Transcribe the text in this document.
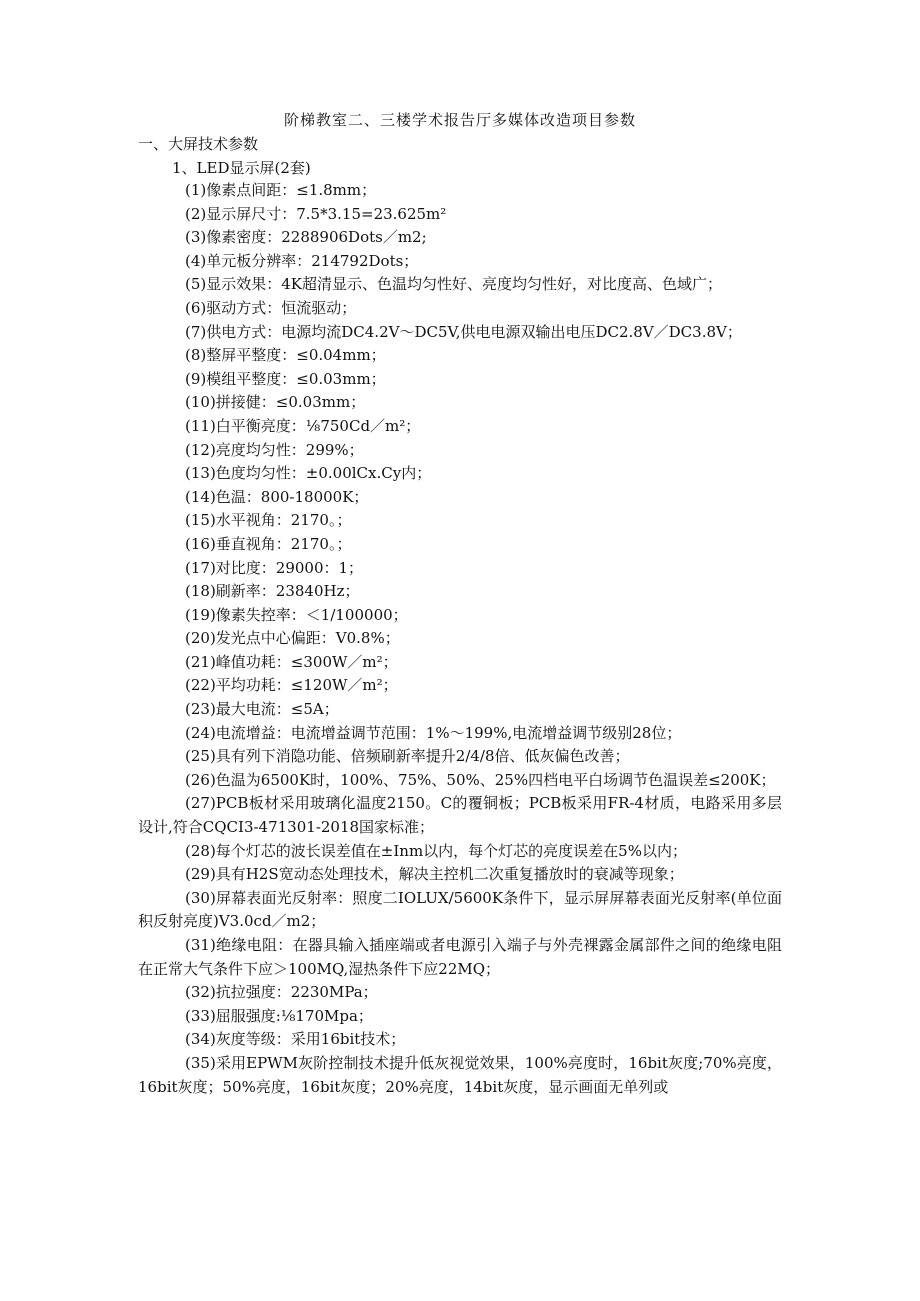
阶梯教室二、三楼学术报告厅多媒体改造项目参数
一、大屏技术参数
1、LED显示屏(2套)

(1)像素点间距：≤1.8mm；

(2)显示屏尺寸：7.5*3.15=23.625m²

(3)像素密度：2288906Dots／m2;

(4)单元板分辨率：214792Dots；

(5)显示效果：4K超清显示、色温均匀性好、亮度均匀性好，对比度高、色域广；

(6)驱动方式：恒流驱动；

(7)供电方式：电源均流DC4.2V～DC5V,供电电源双输出电压DC2.8V／DC3.8V；

(8)整屏平整度：≤0.04mm；

(9)模组平整度：≤0.03mm；

(10)拼接健：≤0.03mm；

(11)白平衡亮度：⅛750Cd／m²；

(12)亮度均匀性：299%；

(13)色度均匀性：±0.00lCx.Cy内；

(14)色温：800-18000K；

(15)水平视角：2170。；

(16)垂直视角：2170。；

(17)对比度：29000：1；

(18)刷新率：23840Hz；

(19)像素失控率：＜1/100000；

(20)发光点中心偏距：V0.8%；

(21)峰值功耗：≤300W／m²；

(22)平均功耗：≤120W／m²；

(23)最大电流：≤5A；

(24)电流增益：电流增益调节范围：1%～199%,电流增益调节级别28位；

(25)具有列下消隐功能、倍频刷新率提升2/4/8倍、低灰偏色改善；

(26)色温为6500K时，100%、75%、50%、25%四档电平白场调节色温误差≤200K；

(27)PCB板材采用玻璃化温度2150。C的覆铜板；PCB板采用FR-4材质，电路采用多层设计,符合CQCI3-471301-2018国家标准；

(28)每个灯芯的波长误差值在±Inm以内，每个灯芯的亮度误差在5%以内；

(29)具有H2S宽动态处理技术，解决主控机二次重复播放时的衰减等现象；

(30)屏幕表面光反射率：照度二IOLUX/5600K条件下，显示屏屏幕表面光反射率(单位面积反射亮度)V3.0cd／m2；

(31)绝缘电阻：在器具输入插座端或者电源引入端子与外壳裸露金属部件之间的绝缘电阻在正常大气条件下应＞100MQ,湿热条件下应22MQ；

(32)抗拉强度：2230MPa；

(33)屈服强度:⅛170Mpa；

(34)灰度等级：采用16bit技术；

(35)采用EPWM灰阶控制技术提升低灰视觉效果，100%亮度时，16bit灰度;70%亮度，16bit灰度；50%亮度，16bit灰度；20%亮度，14bit灰度，显示画面无单列或
